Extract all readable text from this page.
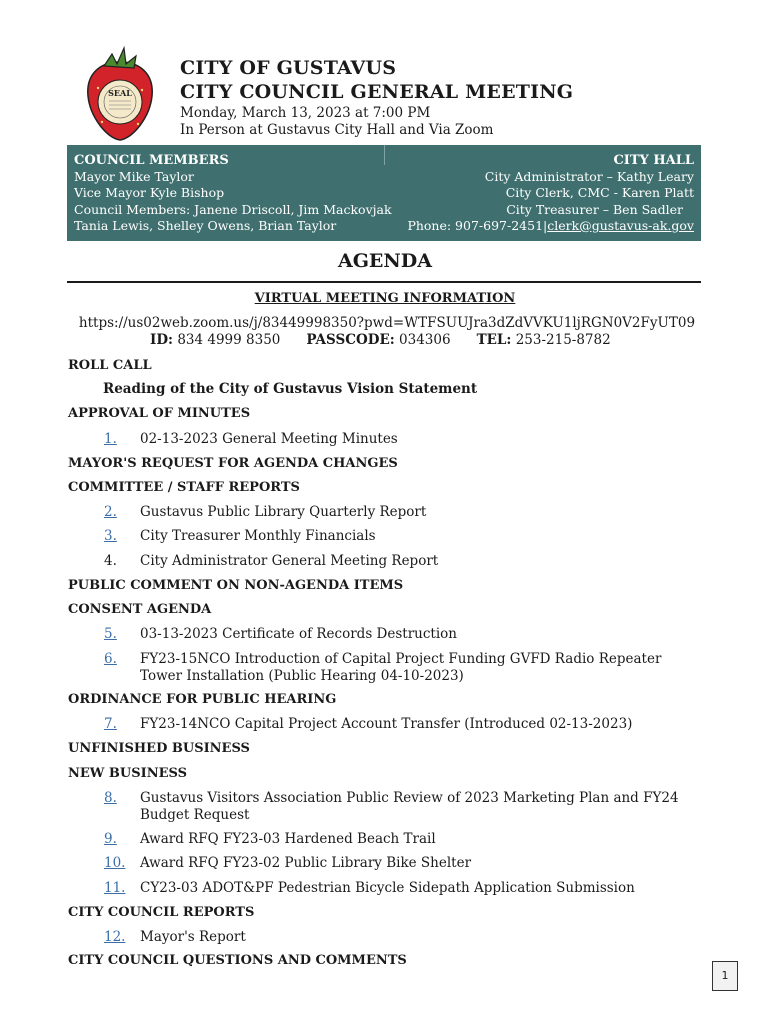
SEAL
CITY OF GUSTAVUS
CITY COUNCIL GENERAL MEETING
Monday, March 13, 2023 at 7:00 PM
In Person at Gustavus City Hall and Via Zoom
COUNCIL MEMBERS
Mayor Mike Taylor
Vice Mayor Kyle Bishop
Council Members: Janene Driscoll, Jim Mackovjak
Tania Lewis, Shelley Owens, Brian Taylor
CITY HALL
City Administrator – Kathy Leary
City Clerk, CMC - Karen Platt
City Treasurer – Ben Sadler
Phone: 907-697-2451|clerk@gustavus-ak.gov
AGENDA
VIRTUAL MEETING INFORMATION
https://us02web.zoom.us/j/83449998350?pwd=WTFSUUJra3dZdVVKU1ljRGN0V2FyUT09
ID: 834 4999 8350 PASSCODE: 034306 TEL: 253-215-8782
ROLL CALL
Reading of the City of Gustavus Vision Statement
APPROVAL OF MINUTES
1. 02-13-2023 General Meeting Minutes
MAYOR'S REQUEST FOR AGENDA CHANGES
COMMITTEE / STAFF REPORTS
2. Gustavus Public Library Quarterly Report
3. City Treasurer Monthly Financials
4. City Administrator General Meeting Report
PUBLIC COMMENT ON NON-AGENDA ITEMS
CONSENT AGENDA
5. 03-13-2023 Certificate of Records Destruction
6. FY23-15NCO Introduction of Capital Project Funding GVFD Radio Repeater Tower Installation (Public Hearing 04-10-2023)
ORDINANCE FOR PUBLIC HEARING
7. FY23-14NCO Capital Project Account Transfer (Introduced 02-13-2023)
UNFINISHED BUSINESS
NEW BUSINESS
8. Gustavus Visitors Association Public Review of 2023 Marketing Plan and FY24 Budget Request
9. Award RFQ FY23-03 Hardened Beach Trail
10. Award RFQ FY23-02 Public Library Bike Shelter
11. CY23-03 ADOT&PF Pedestrian Bicycle Sidepath Application Submission
CITY COUNCIL REPORTS
12. Mayor's Report
CITY COUNCIL QUESTIONS AND COMMENTS
1
